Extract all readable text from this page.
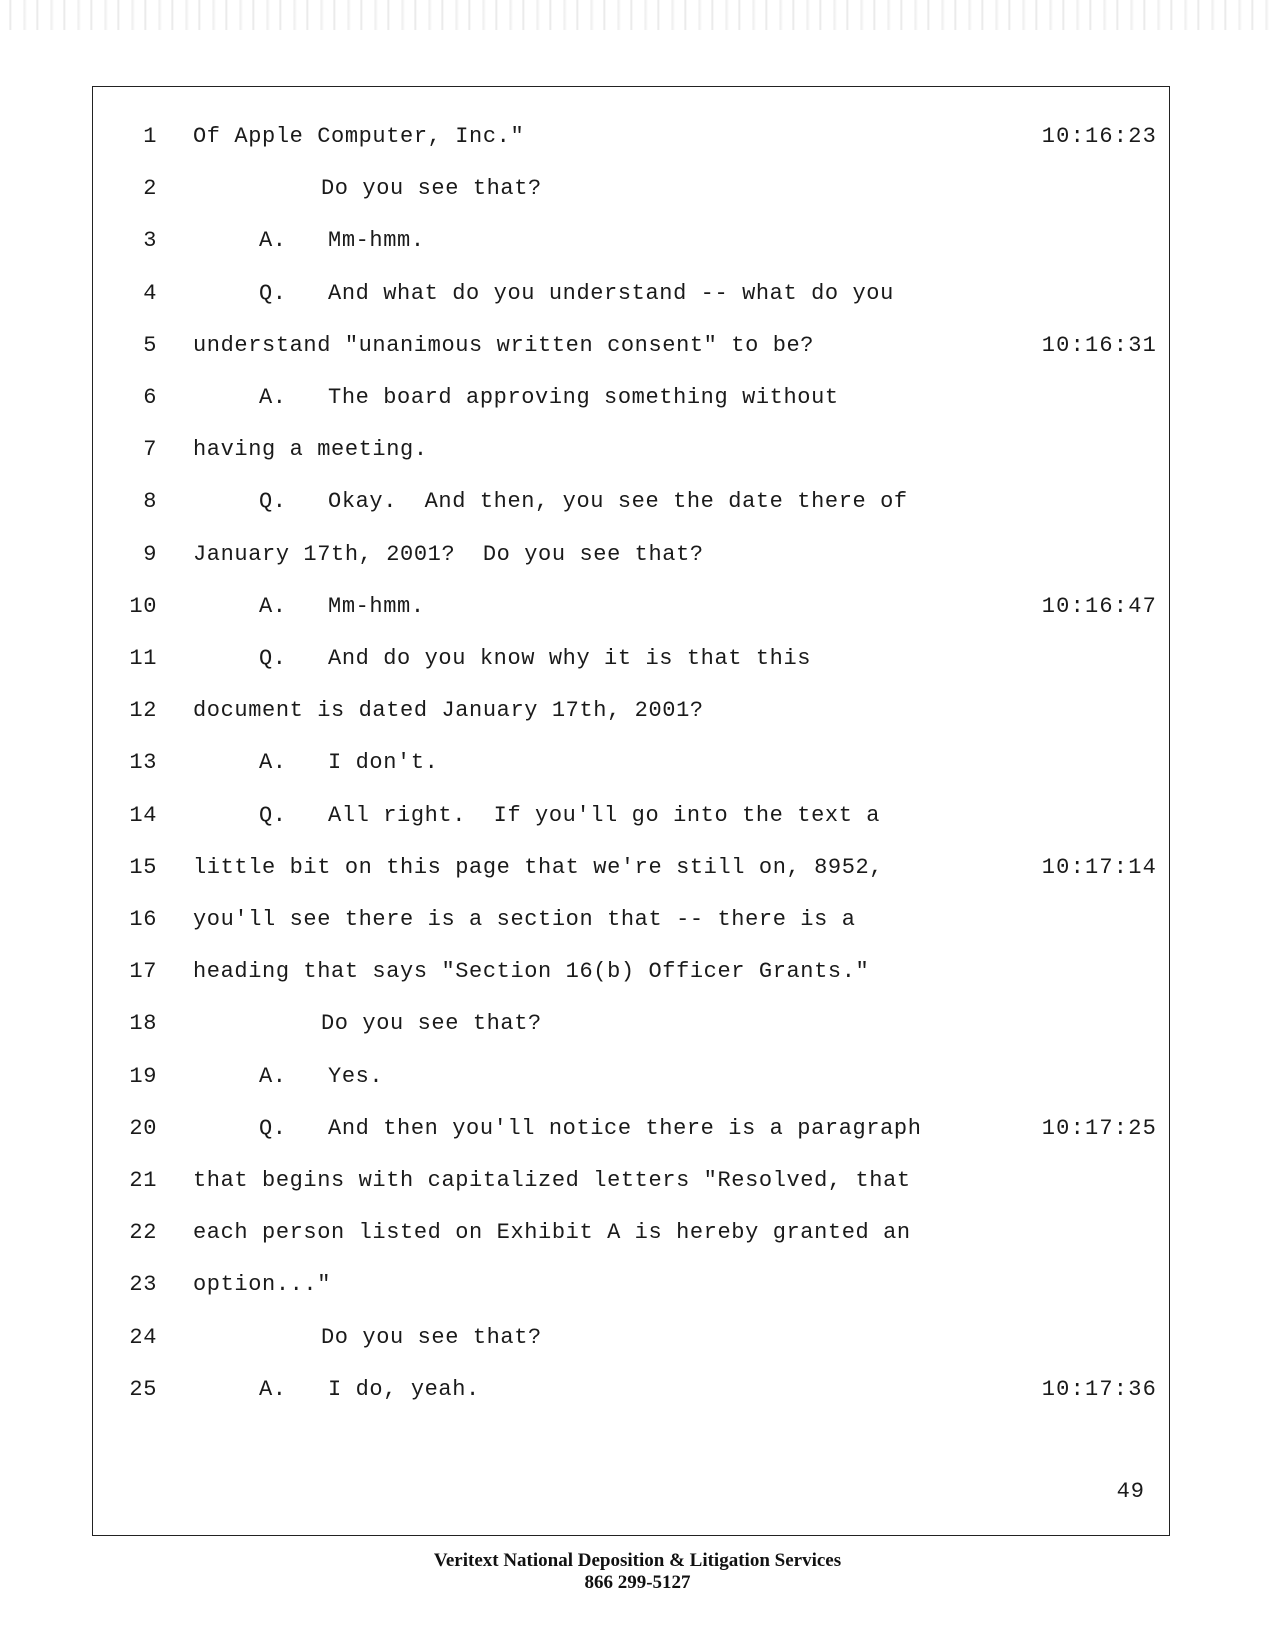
1 Of Apple Computer, Inc."	10:16:23
2	Do you see that?
3	A.   Mm-hmm.
4	Q.   And what do you understand -- what do you
5 understand "unanimous written consent" to be?	10:16:31
6	A.   The board approving something without
7 having a meeting.
8	Q.   Okay.  And then, you see the date there of
9 January 17th, 2001?  Do you see that?
10	A.   Mm-hmm.	10:16:47
11	Q.   And do you know why it is that this
12 document is dated January 17th, 2001?
13	A.   I don't.
14	Q.   All right.  If you'll go into the text a
15 little bit on this page that we're still on, 8952,	10:17:14
16 you'll see there is a section that -- there is a
17 heading that says "Section 16(b) Officer Grants."
18	Do you see that?
19	A.   Yes.
20	Q.   And then you'll notice there is a paragraph	10:17:25
21 that begins with capitalized letters "Resolved, that
22 each person listed on Exhibit A is hereby granted an
23 option..."
24	Do you see that?
25	A.   I do, yeah.	10:17:36
49
Veritext National Deposition & Litigation Services
866 299-5127
